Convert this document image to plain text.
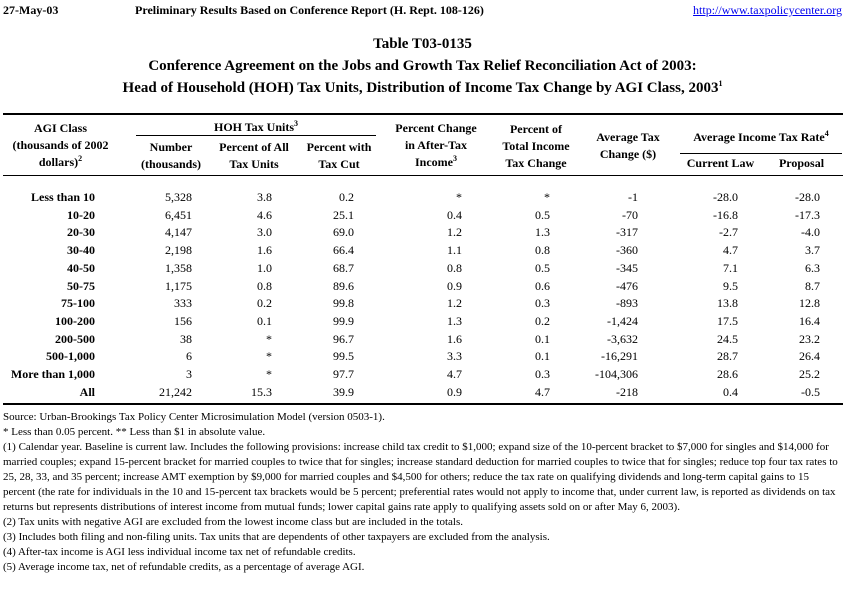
27-May-03	Preliminary Results Based on Conference Report (H. Rept. 108-126)	http://www.taxpolicycenter.org
Table T03-0135
Conference Agreement on the Jobs and Growth Tax Relief Reconciliation Act of 2003:
Head of Household (HOH) Tax Units, Distribution of Income Tax Change by AGI Class, 2003$^1$
AGI Class
(thousands of 2002
dollars)$^2$
HOH Tax Units$^3$
Number
(thousands)
Percent of All
Tax Units
Percent with
Tax Cut
Percent Change
in After-Tax
Income$^3$
Percent of
Total Income
Tax Change
Average Tax
Change ($)
Average Income Tax Rate$^4$
Current Law	Proposal
Less than 10	5,328	3.8	0.2	*	*	-1	-28.0	-28.0
10-20	6,451	4.6	25.1	0.4	0.5	-70	-16.8	-17.3
20-30	4,147	3.0	69.0	1.2	1.3	-317	-2.7	-4.0
30-40	2,198	1.6	66.4	1.1	0.8	-360	4.7	3.7
40-50	1,358	1.0	68.7	0.8	0.5	-345	7.1	6.3
50-75	1,175	0.8	89.6	0.9	0.6	-476	9.5	8.7
75-100	333	0.2	99.8	1.2	0.3	-893	13.8	12.8
100-200	156	0.1	99.9	1.3	0.2	-1,424	17.5	16.4
200-500	38	*	96.7	1.6	0.1	-3,632	24.5	23.2
500-1,000	6	*	99.5	3.3	0.1	-16,291	28.7	26.4
More than 1,000	3	*	97.7	4.7	0.3	-104,306	28.6	25.2
All	21,242	15.3	39.9	0.9	4.7	-218	0.4	-0.5
Source: Urban-Brookings Tax Policy Center Microsimulation Model (version 0503-1).
* Less than 0.05 percent. ** Less than $1 in absolute value.
(1) Calendar year. Baseline is current law. Includes the following provisions: increase child tax credit to $1,000; expand size of the 10-percent bracket to $7,000 for singles and $14,000 for married couples; expand 15-percent bracket for married couples to twice that for singles; increase standard deduction for married couples to twice that for singles; reduce top four tax rates to 25, 28, 33, and 35 percent; increase AMT exemption by $9,000 for married couples and $4,500 for others; reduce the tax rate on qualifying dividends and long-term capital gains to 15 percent (the rate for individuals in the 10 and 15-percent tax brackets would be 5 percent; preferential rates would not apply to income that, under current law, is reported as dividends on tax returns but represents distributions of interest income from mutual funds; lower capital gains rate apply to qualifying assets sold on or after May 6, 2003).
(2) Tax units with negative AGI are excluded from the lowest income class but are included in the totals.
(3) Includes both filing and non-filing units. Tax units that are dependents of other taxpayers are excluded from the analysis.
(4) After-tax income is AGI less individual income tax net of refundable credits.
(5) Average income tax, net of refundable credits, as a percentage of average AGI.
